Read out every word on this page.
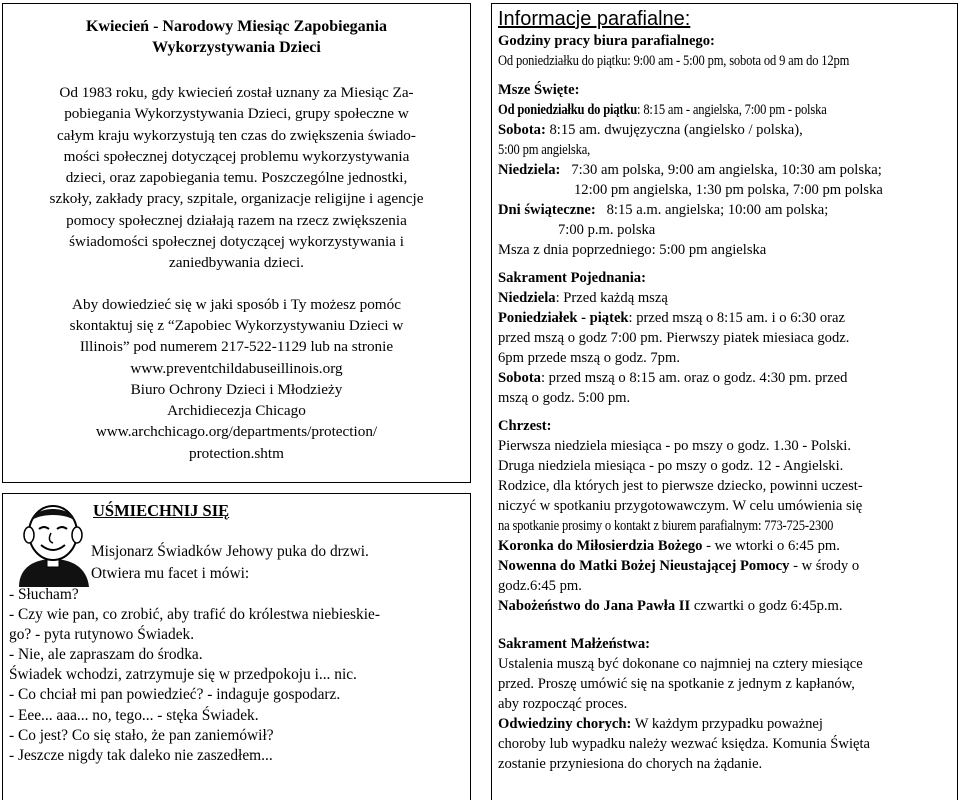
Kwiecień - Narodowy Miesiąc Zapobiegania
Wykorzystywania Dzieci
Od 1983 roku, gdy kwiecień został uznany za Miesiąc Za-
pobiegania Wykorzystywania Dzieci, grupy społeczne w
całym kraju wykorzystują ten czas do zwiększenia świado-
mości społecznej dotyczącej problemu wykorzystywania
dzieci, oraz zapobiegania temu. Poszczególne jednostki,
szkoły, zakłady pracy, szpitale, organizacje religijne i agencje
pomocy społecznej działają razem na rzecz zwiększenia
świadomości społecznej dotyczącej wykorzystywania i
zaniedbywania dzieci.
Aby dowiedzieć się w jaki sposób i Ty możesz pomóc
skontaktuj się z “Zapobiec Wykorzystywaniu Dzieci w
Illinois” pod numerem 217-522-1129 lub na stronie
www.preventchildabuseillinois.org
Biuro Ochrony Dzieci i Młodzieży
Archidiecezja Chicago
www.archchicago.org/departments/protection/
protection.shtm
UŚMIECHNIJ SIĘ
Misjonarz Świadków Jehowy puka do drzwi.
Otwiera mu facet i mówi:
- Słucham?
- Czy wie pan, co zrobić, aby trafić do królestwa niebieskie-
go? - pyta rutynowo Świadek.
- Nie, ale zapraszam do środka.
Świadek wchodzi, zatrzymuje się w przedpokoju i... nic.
- Co chciał mi pan powiedzieć? - indaguje gospodarz.
- Eee... aaa... no, tego... - stęka Świadek.
- Co jest? Co się stało, że pan zaniemówił?
- Jeszcze nigdy tak daleko nie zaszedłem...
Informacje parafialne:
Godziny pracy biura parafialnego:
Od poniedziałku do piątku: 9:00 am - 5:00 pm, sobota od 9 am do 12pm
Msze Święte:
Od poniedziałku do piątku: 8:15 am - angielska, 7:00 pm - polska
Sobota: 8:15 am. dwujęzyczna (angielsko / polska),
5:00 pm angielska,
Niedziela:   7:30 am polska, 9:00 am angielska, 10:30 am polska;
12:00 pm angielska, 1:30 pm polska, 7:00 pm polska
Dni świąteczne:   8:15 a.m. angielska; 10:00 am polska;
7:00 p.m. polska
Msza z dnia poprzedniego: 5:00 pm angielska
Sakrament Pojednania:
Niedziela: Przed każdą mszą
Poniedziałek - piątek: przed mszą o 8:15 am. i o 6:30 oraz
przed mszą o godz 7:00 pm. Pierwszy piatek miesiaca godz.
6pm przede mszą o godz. 7pm.
Sobota: przed mszą o 8:15 am. oraz o godz. 4:30 pm. przed
mszą o godz. 5:00 pm.
Chrzest:
Pierwsza niedziela miesiąca - po mszy o godz. 1.30 - Polski.
Druga niedziela miesiąca - po mszy o godz. 12 - Angielski.
Rodzice, dla których jest to pierwsze dziecko, powinni uczest-
niczyć w spotkaniu przygotowawczym. W celu umówienia się
na spotkanie prosimy o kontakt z biurem parafialnym: 773-725-2300
Koronka do Miłosierdzia Bożego - we wtorki o 6:45 pm.
Nowenna do Matki Bożej Nieustającej Pomocy - w środy o
godz.6:45 pm.
Nabożeństwo do Jana Pawła II czwartki o godz 6:45p.m.
Sakrament Małżeństwa:
Ustalenia muszą być dokonane co najmniej na cztery miesiące
przed. Proszę umówić się na spotkanie z jednym z kapłanów,
aby rozpocząć proces.
Odwiedziny chorych: W każdym przypadku poważnej
choroby lub wypadku należy wezwać księdza. Komunia Święta
zostanie przyniesiona do chorych na żądanie.
